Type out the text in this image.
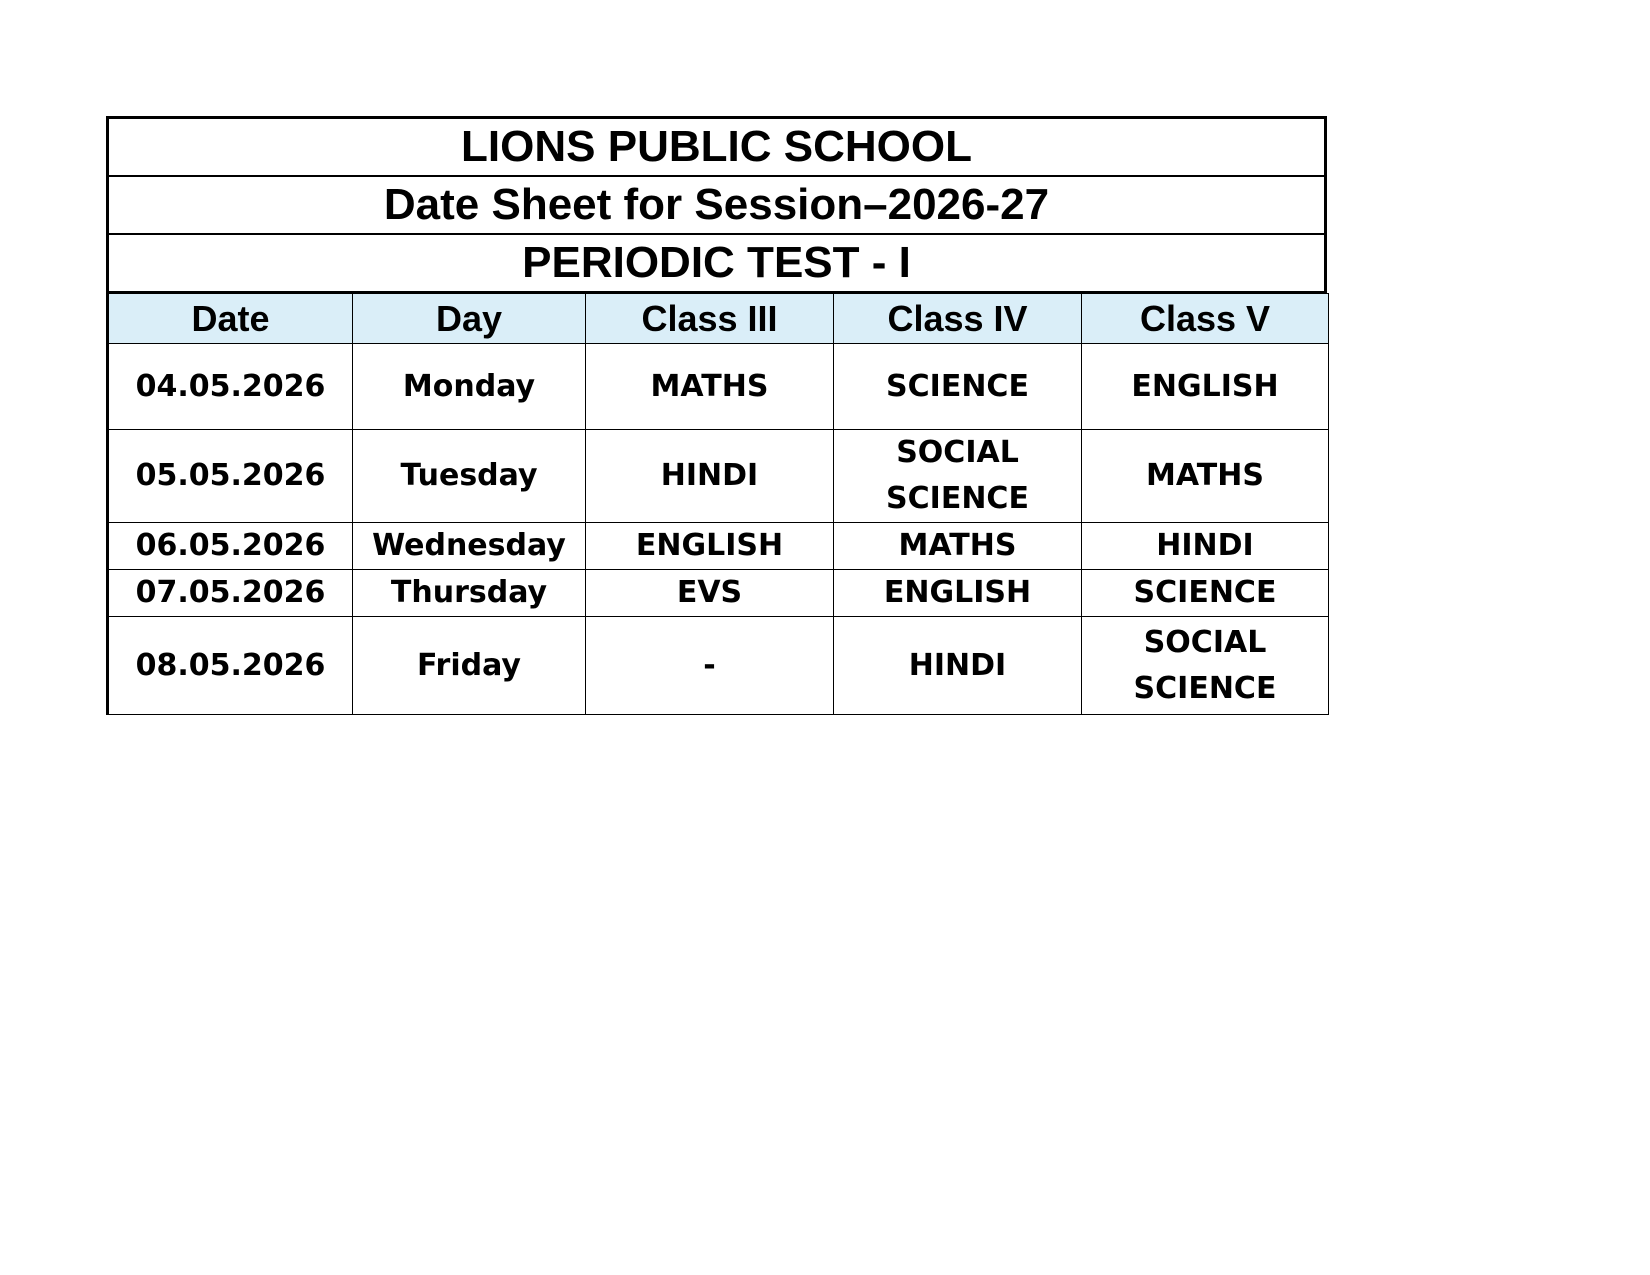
LIONS PUBLIC SCHOOL
Date Sheet for Session–2026-27
PERIODIC TEST - I
Date	Day	Class III	Class IV	Class V
04.05.2026	Monday	MATHS	SCIENCE	ENGLISH
05.05.2026	Tuesday	HINDI	SOCIAL SCIENCE	MATHS
06.05.2026	Wednesday	ENGLISH	MATHS	HINDI
07.05.2026	Thursday	EVS	ENGLISH	SCIENCE
08.05.2026	Friday	-	HINDI	SOCIAL SCIENCE
